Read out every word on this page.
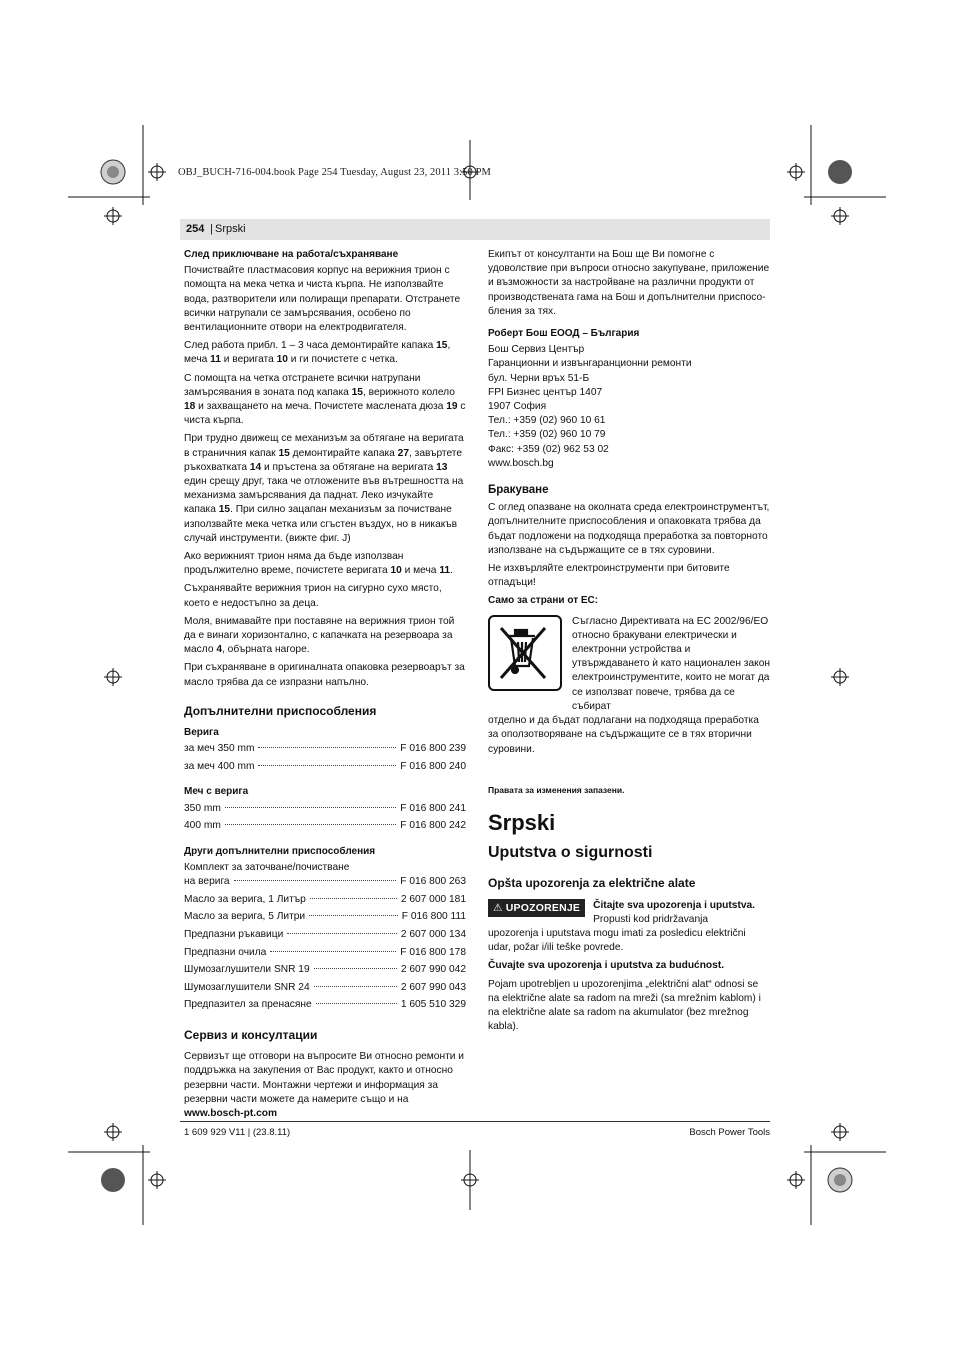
OBJ_BUCH-716-004.book Page 254 Tuesday, August 23, 2011 3:50 PM
254 | Srpski
След приключване на работа/съхраняване

Почиствайте пластмасовия корпус на верижния трион с помощта на мека четка и чиста кърпа. Не използвайте вода, разтворители или полиращи препарати. Отстранете всички натрупали се замърсявания, особено по вентилационните отвори на електродвигателя.

След работа прибл. 1 – 3 часа демонтирайте капака 15, меча 11 и веригата 10 и ги почистете с четка.

С помощта на четка отстранете всички натрупани замърсявания в зоната под капака 15, верижното колело 18 и захващането на меча. Почистете маслената дюза 19 с чиста кърпа.

При трудно движещ се механизъм за обтягане на веригата в страничния капак 15 демонтирайте капака 27, завъртете ръкохватката 14 и пръстена за обтягане на веригата 13 един срещу друг, така че отложените във вътрешността на механизма замърсявания да паднат. Леко изчукайте капака 15. При силно зацапан механизъм за почистване използвайте мека четка или сгъстен въздух, но в никакъв случай инструменти. (вижте фиг. J)

Ако верижният трион няма да бъде използван продължително време, почистете веригата 10 и меча 11.

Съхранявайте верижния трион на сигурно сухо място, което е недостъпно за деца.

Моля, внимавайте при поставяне на верижния трион той да е винаги хоризонтално, с капачката на резервоара за масло 4, обърната нагоре.

При съхраняване в оригиналната опаковка резервоарът за масло трябва да се изпразни напълно.

Допълнителни приспособления
Верига
за меч 350 mm	F 016 800 239
за меч 400 mm	F 016 800 240
Меч с верига
350 mm	F 016 800 241
400 mm	F 016 800 242
Други допълнителни приспособления
Комплект за заточване/почистване
на верига	F 016 800 263
Масло за верига, 1 Литър	2 607 000 181
Масло за верига, 5 Литри	F 016 800 111
Предпазни ръкавици	2 607 000 134
Предпазни очила	F 016 800 178
Шумозаглушители SNR 19	2 607 990 042
Шумозаглушители SNR 24	2 607 990 043
Предпазител за пренасяне	1 605 510 329
Сервиз и консултации

Сервизът ще отговори на въпросите Ви относно ремонти и поддръжка на закупения от Вас продукт, както и относно резервни части. Монтажни чертежи и информация за резервни части можете да намерите също и на

www.bosch-pt.com

Екипът от консултанти на Бош ще Ви помогне с удоволствие при въпроси относно закупуване, приложение и възможности за настройване на различни продукти от производствената гама на Бош и допълнителни приспосо-бления за тях.

Роберт Бош ЕООД – България
Бош Сервиз Център
Гаранционни и извънгаранционни ремонти
бул. Черни връх 51-Б
FPI Бизнес център 1407
1907 София
Тел.: +359 (02) 960 10 61
Тел.: +359 (02) 960 10 79
Факс: +359 (02) 962 53 02
www.bosch.bg
Бракуване

С оглед опазване на околната среда електроинструментът, допълнителните приспособления и опаковката трябва да бъдат подложени на подходяща преработка за повторното използване на съдържащите се в тях суровини.

Не изхвърляйте електроинструменти при битовите отпадъци!

Само за страни от ЕС:
Съгласно Директивата на ЕС 2002/96/ЕО относно бракувани електрически и електронни устройства и утвърждаването ѝ като национален закон електроинструментите, които не могат да се използват повече, трябва да се събират

отделно и да бъдат подлагани на подходяща преработка за оползотворяване на съдържащите се в тях вторични суровини.

Правата за изменения запазени.
Srpski
Uputstva o sigurnosti
Opšta upozorenja za električne alate
⚠ UPOZORENJE	Čitajte sva upozorenja i uputstva.
Propusti kod pridržavanja

upozorenja i uputstava mogu imati za posledicu električni udar, požar i/ili teške povrede.

Čuvajte sva upozorenja i uputstva za budućnost.

Pojam upotrebljen u upozorenjima „električni alat“ odnosi se na električne alate sa radom na mreži (sa mrežnim kablom) i na električne alate sa radom na akumulator (bez mrežnog kabla).

1 609 929 V11 | (23.8.11)	Bosch Power Tools
